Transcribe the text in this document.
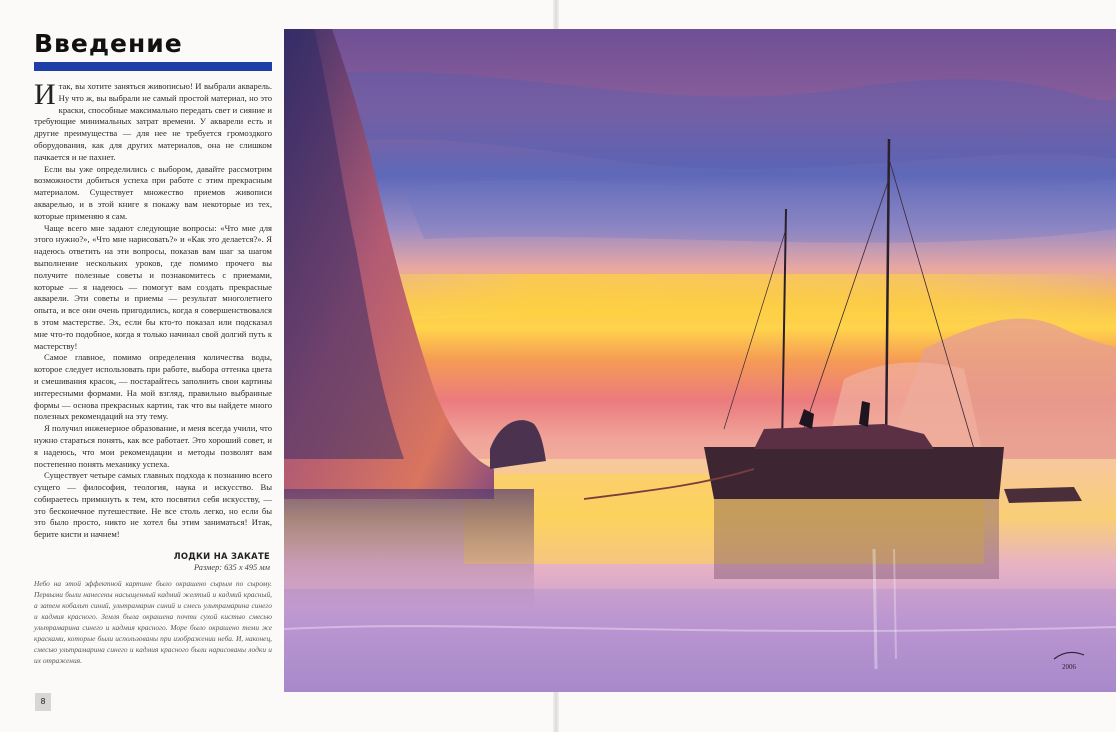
Введение

Итак, вы хотите заняться живописью! И выбрали акварель. Ну что ж, вы выбрали не самый простой материал, но это краски, способные максимально передать свет и сияние и требующие минимальных затрат времени. У акварели есть и другие преимущества — для нее не требуется громоздкого оборудования, как для других материалов, она не слишком пачкается и не пахнет.

Если вы уже определились с выбором, давайте рассмотрим возможности добиться успеха при работе с этим прекрасным материалом. Существует множество приемов живописи акварелью, и в этой книге я покажу вам некоторые из тех, которые применяю я сам.

Чаще всего мне задают следующие вопросы: «Что мне для этого нужно?», «Что мне нарисовать?» и «Как это делается?». Я надеюсь ответить на эти вопросы, показав вам шаг за шагом выполнение нескольких уроков, где помимо прочего вы получите полезные советы и познакомитесь с приемами, которые — я надеюсь — помогут вам создать прекрасные акварели. Эти советы и приемы — результат многолетнего опыта, и все они очень пригодились, когда я совершенствовался в этом мастерстве. Эх, если бы кто-то показал или подсказал мне что-то подобное, когда я только начинал свой долгий путь к мастерству!

Самое главное, помимо определения количества воды, которое следует использовать при работе, выбора оттенка цвета и смешивания красок, — постарайтесь заполнить свои картины интересными формами. На мой взгляд, правильно выбранные формы — основа прекрасных картин, так что вы найдете много полезных рекомендаций на эту тему.

Я получил инженерное образование, и меня всегда учили, что нужно стараться понять, как все работает. Это хороший совет, и я надеюсь, что мои рекомендации и методы позволят вам постепенно понять механику успеха.

Существует четыре самых главных подхода к познанию всего сущего — философия, теология, наука и искусство. Вы собираетесь примкнуть к тем, кто посвятил себя искусству, — это бесконечное путешествие. Не все столь легко, но если бы это было просто, никто не хотел бы этим заниматься! Итак, берите кисти и начнем!

ЛОДКИ НА ЗАКАТЕ
Размер: 635 x 495 мм
Небо на этой эффектной картине было окрашено сырым по сырому. Первыми были нанесены насыщенный кадмий желтый и кадмий красный, а затем кобальт синий, ультрамарин синий и смесь ультрамарина синего и кадмия красного. Земля была окрашена почти сухой кистью смесью ультрамарина синего и кадмия красного. Море было окрашено теми же красками, которые были использованы при изображении неба. И, наконец, смесью ультрамарина синего и кадмия красного были нарисованы лодки и их отражения.
8
2006
